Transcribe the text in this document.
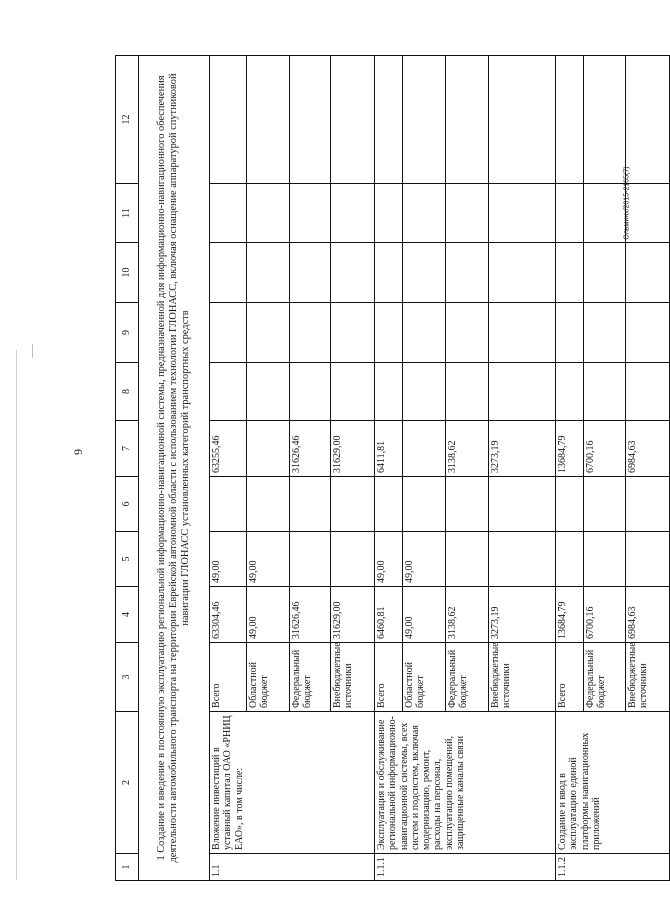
9
Ольминх/2015-2165(7)
1	2	3	4	5	6	7	8	9	10	11	12
1 Создание и введение в постоянную эксплуатацию региональной информационно-навигационной системы, предназначенной для информационно-навигационного обеспечения деятельности автомобильного транспорта на территории Еврейской автономной области с использованием технологии ГЛОНАСС, включая оснащение аппаратурой спутниковой навигации ГЛОНАСС установленных категорий транспортных средств											
1.1	Вложение инвестиций в уставный капитал ОАО «РНИЦ ЕАО», в том числе:	Всего	63304,46	49,00		63255,46					
		Областной бюджет	49,00	49,00							
		Федеральный бюджет	31626,46			31626,46					
		Внебюджетные источники	31629,00			31629,00					
1.1.1	Эксплуатация и обслуживание региональной информационно-навигационной системы, всех систем и подсистем, включая модернизацию, ремонт, расходы на персонал, эксплуатацию помещений, защищенные каналы связи	Всего	6460,81	49,00		6411,81					
		Областной бюджет	49,00	49,00							
		Федеральный бюджет	3138,62			3138,62					
		Внебюджетные источники	3273,19			3273,19					
1.1.2	Создание и ввод в эксплуатацию единой платформы навигационных приложений	Всего	13684,79			13684,79					
		Федеральный бюджет	6700,16			6700,16					
		Внебюджетные источники	6984,63			6984,63					
